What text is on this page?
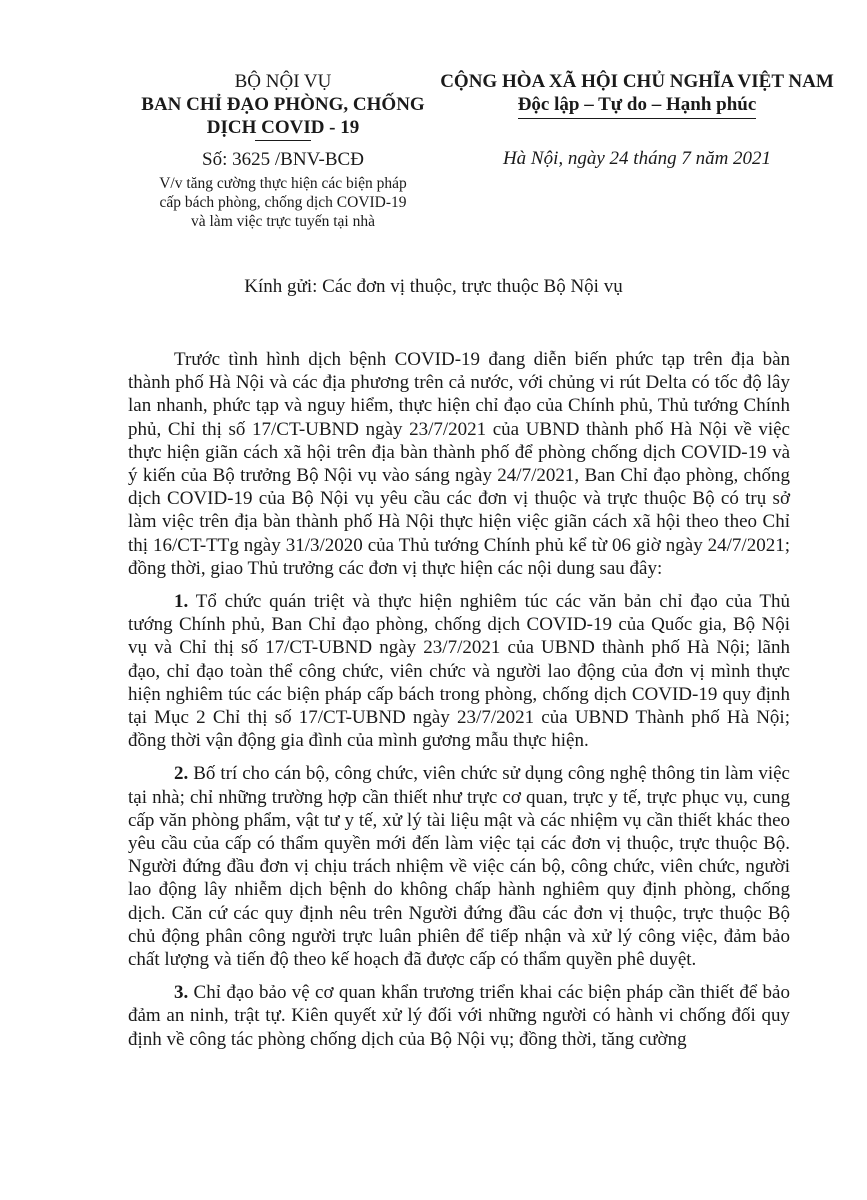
BỘ NỘI VỤ

BAN CHỈ ĐẠO PHÒNG, CHỐNG

DỊCH COVID - 19

Số: 3625 /BNV-BCĐ

V/v tăng cường thực hiện các biện pháp

cấp bách phòng, chống dịch COVID-19

và làm việc trực tuyến tại nhà

CỘNG HÒA XÃ HỘI CHỦ NGHĨA VIỆT NAM

Độc lập – Tự do – Hạnh phúc

Hà Nội, ngày 24 tháng 7 năm 2021

Kính gửi: Các đơn vị thuộc, trực thuộc Bộ Nội vụ

Trước tình hình dịch bệnh COVID-19 đang diễn biến phức tạp trên địa bàn thành phố Hà Nội và các địa phương trên cả nước, với chủng vi rút Delta có tốc độ lây lan nhanh, phức tạp và nguy hiểm, thực hiện chỉ đạo của Chính phủ, Thủ tướng Chính phủ, Chỉ thị số 17/CT-UBND ngày 23/7/2021 của UBND thành phố Hà Nội về việc thực hiện giãn cách xã hội trên địa bàn thành phố để phòng chống dịch COVID-19 và ý kiến của Bộ trưởng Bộ Nội vụ vào sáng ngày 24/7/2021, Ban Chỉ đạo phòng, chống dịch COVID-19 của Bộ Nội vụ yêu cầu các đơn vị thuộc và trực thuộc Bộ có trụ sở làm việc trên địa bàn thành phố Hà Nội thực hiện việc giãn cách xã hội theo theo Chỉ thị 16/CT-TTg ngày 31/3/2020 của Thủ tướng Chính phủ kể từ 06 giờ ngày 24/7/2021; đồng thời, giao Thủ trưởng các đơn vị thực hiện các nội dung sau đây:

1. Tổ chức quán triệt và thực hiện nghiêm túc các văn bản chỉ đạo của Thủ tướng Chính phủ, Ban Chỉ đạo phòng, chống dịch COVID-19 của Quốc gia, Bộ Nội vụ và Chỉ thị số 17/CT-UBND ngày 23/7/2021 của UBND thành phố Hà Nội; lãnh đạo, chỉ đạo toàn thể công chức, viên chức và người lao động của đơn vị mình thực hiện nghiêm túc các biện pháp cấp bách trong phòng, chống dịch COVID-19 quy định tại Mục 2 Chỉ thị số 17/CT-UBND ngày 23/7/2021 của UBND Thành phố Hà Nội; đồng thời vận động gia đình của mình gương mẫu thực hiện.

2. Bố trí cho cán bộ, công chức, viên chức sử dụng công nghệ thông tin làm việc tại nhà; chỉ những trường hợp cần thiết như trực cơ quan, trực y tế, trực phục vụ, cung cấp văn phòng phẩm, vật tư y tế, xử lý tài liệu mật và các nhiệm vụ cần thiết khác theo yêu cầu của cấp có thẩm quyền mới đến làm việc tại các đơn vị thuộc, trực thuộc Bộ. Người đứng đầu đơn vị chịu trách nhiệm về việc cán bộ, công chức, viên chức, người lao động lây nhiễm dịch bệnh do không chấp hành nghiêm quy định phòng, chống dịch. Căn cứ các quy định nêu trên Người đứng đầu các đơn vị thuộc, trực thuộc Bộ chủ động phân công người trực luân phiên để tiếp nhận và xử lý công việc, đảm bảo chất lượng và tiến độ theo kế hoạch đã được cấp có thẩm quyền phê duyệt.

3. Chỉ đạo bảo vệ cơ quan khẩn trương triển khai các biện pháp cần thiết để bảo đảm an ninh, trật tự. Kiên quyết xử lý đối với những người có hành vi chống đối quy định về công tác phòng chống dịch của Bộ Nội vụ; đồng thời, tăng cường
